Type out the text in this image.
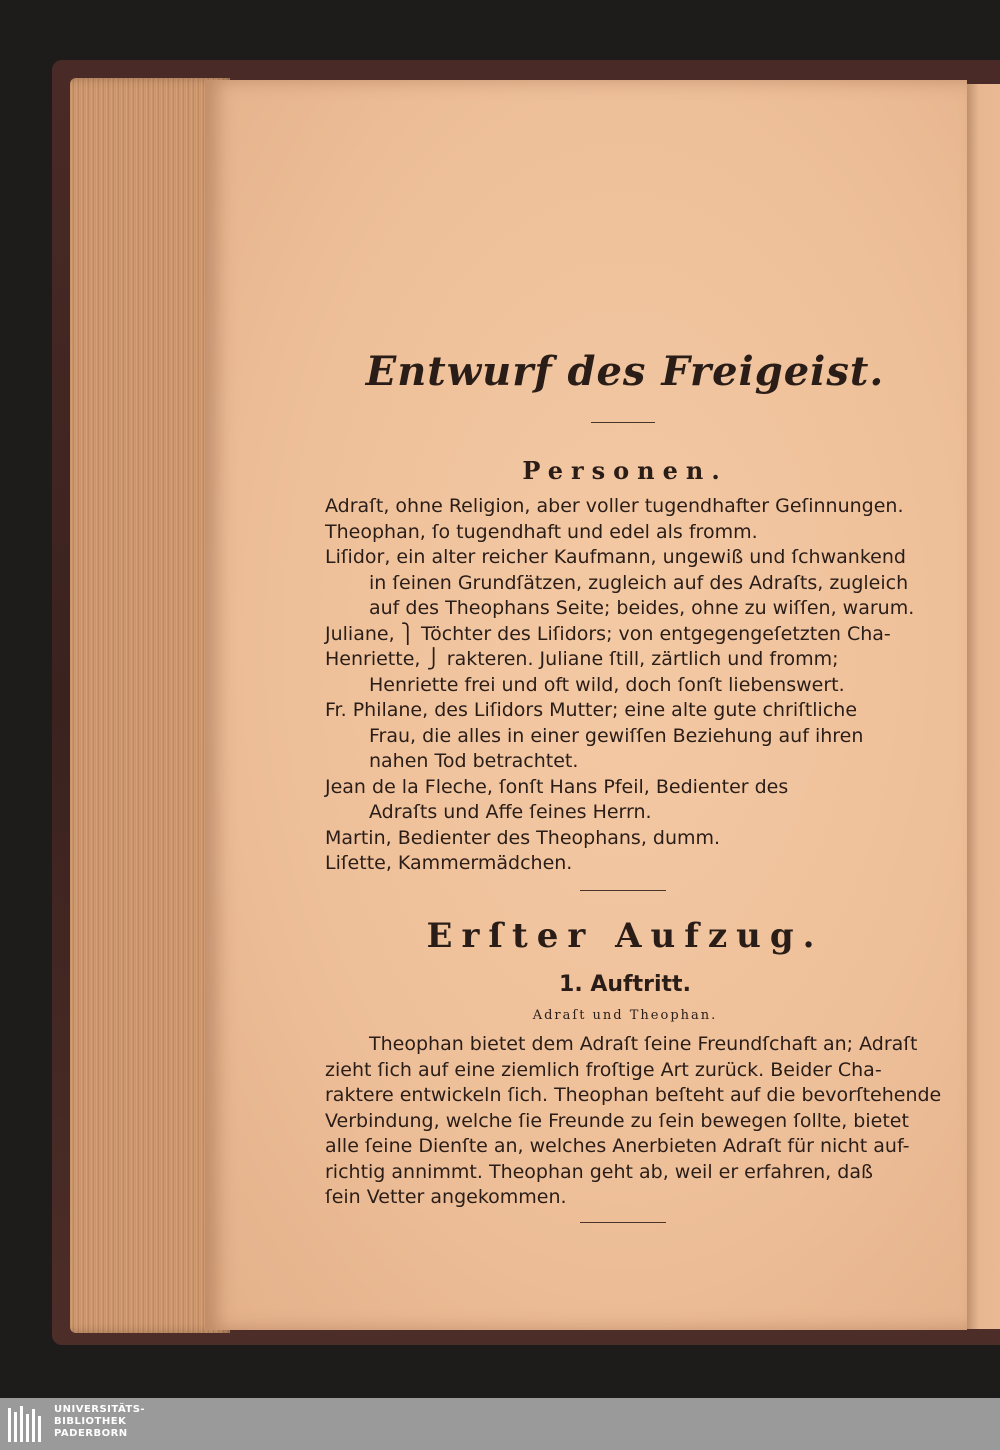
Entwurf des Freigeist.
Personen.

Adraſt, ohne Religion, aber voller tugendhafter Geſinnungen.

Theophan, ſo tugendhaft und edel als fromm.

Liſidor, ein alter reicher Kaufmann, ungewiß und ſchwankend

in ſeinen Grundſätzen, zugleich auf des Adraſts, zugleich

auf des Theophans Seite; beides, ohne zu wiſſen, warum.

Juliane, ⎫ Töchter des Liſidors; von entgegengeſetzten Cha-

Henriette, ⎭ rakteren. Juliane ſtill, zärtlich und fromm;

Henriette frei und oft wild, doch ſonſt liebenswert.

Fr. Philane, des Liſidors Mutter; eine alte gute chriſtliche

Frau, die alles in einer gewiſſen Beziehung auf ihren

nahen Tod betrachtet.

Jean de la Fleche, ſonſt Hans Pfeil, Bedienter des

Adraſts und Affe ſeines Herrn.

Martin, Bedienter des Theophans, dumm.

Liſette, Kammermädchen.

Erſter Aufzug.
1. Auftritt.

Adraſt und Theophan.

Theophan bietet dem Adraſt ſeine Freundſchaft an; Adraſt

zieht ſich auf eine ziemlich froſtige Art zurück. Beider Cha-

raktere entwickeln ſich. Theophan beſteht auf die bevorſtehende

Verbindung, welche ſie Freunde zu ſein bewegen ſollte, bietet

alle ſeine Dienſte an, welches Anerbieten Adraſt für nicht auf-

richtig annimmt. Theophan geht ab, weil er erfahren, daß

ſein Vetter angekommen.

UNIVERSITÄTS-
BIBLIOTHEK
PADERBORN
